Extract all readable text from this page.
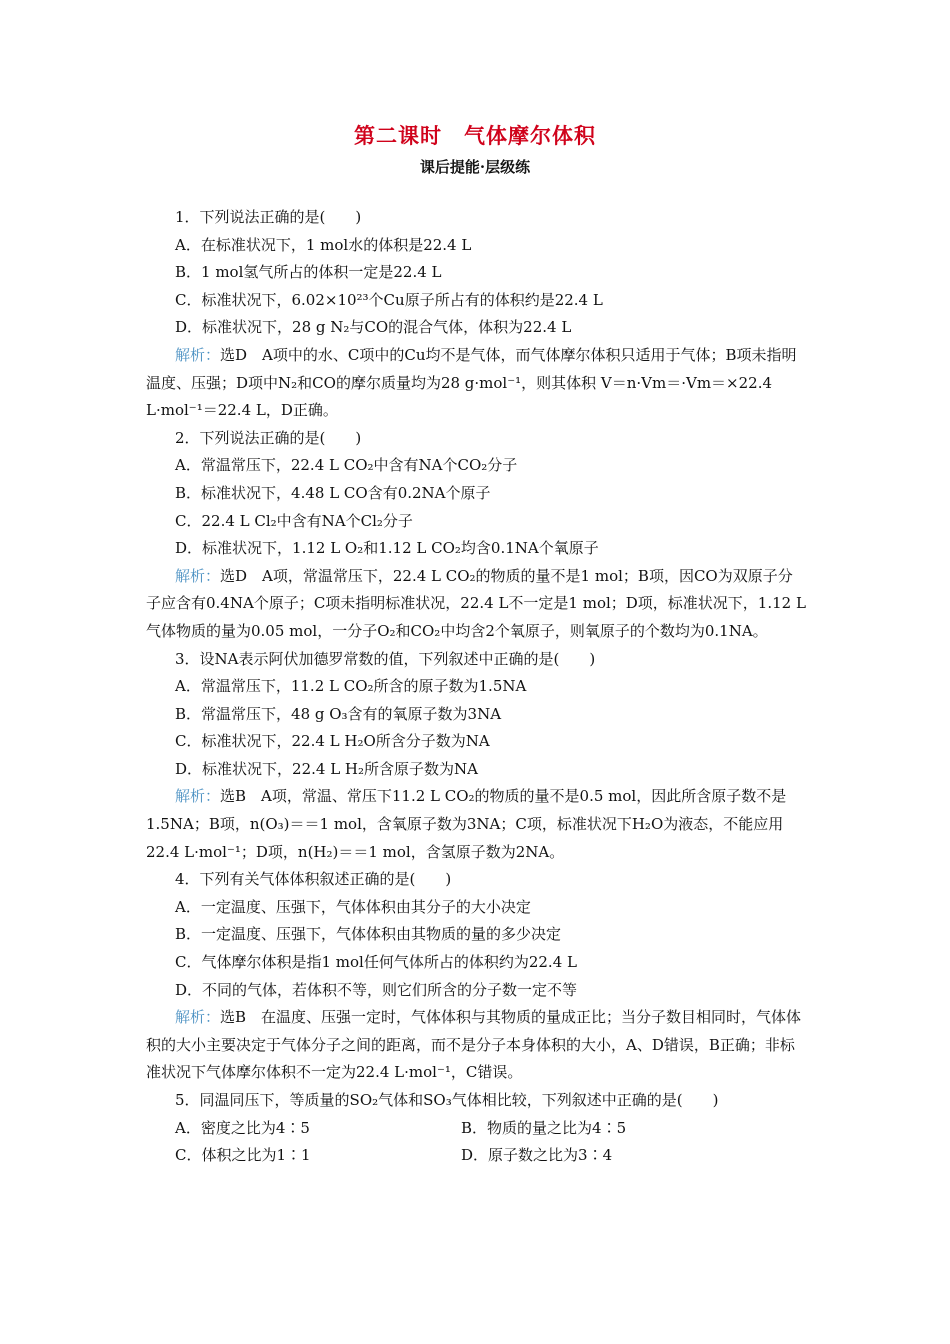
第二课时　气体摩尔体积
课后提能·层级练

1．下列说法正确的是(　　)

A．在标准状况下，1 mol水的体积是22.4 L

B．1 mol氢气所占的体积一定是22.4 L

C．标准状况下，6.02×10²³个Cu原子所占有的体积约是22.4 L

D．标准状况下，28 g N₂与CO的混合气体，体积为22.4 L

解析：选D　A项中的水、C项中的Cu均不是气体，而气体摩尔体积只适用于气体；B项未指明温度、压强；D项中N₂和CO的摩尔质量均为28 g·mol⁻¹，则其体积 V＝n·Vm＝·Vm＝×22.4 L·mol⁻¹＝22.4 L，D正确。

2．下列说法正确的是(　　)

A．常温常压下，22.4 L CO₂中含有NA个CO₂分子

B．标准状况下，4.48 L CO含有0.2NA个原子

C．22.4 L Cl₂中含有NA个Cl₂分子

D．标准状况下，1.12 L O₂和1.12 L CO₂均含0.1NA个氧原子

解析：选D　A项，常温常压下，22.4 L CO₂的物质的量不是1 mol；B项，因CO为双原子分子应含有0.4NA个原子；C项未指明标准状况，22.4 L不一定是1 mol；D项，标准状况下，1.12 L气体物质的量为0.05 mol，一分子O₂和CO₂中均含2个氧原子，则氧原子的个数均为0.1NA。

3．设NA表示阿伏加德罗常数的值，下列叙述中正确的是(　　)

A．常温常压下，11.2 L CO₂所含的原子数为1.5NA

B．常温常压下，48 g O₃含有的氧原子数为3NA

C．标准状况下，22.4 L H₂O所含分子数为NA

D．标准状况下，22.4 L H₂所含原子数为NA

解析：选B　A项，常温、常压下11.2 L CO₂的物质的量不是0.5 mol，因此所含原子数不是1.5NA；B项，n(O₃)＝＝1 mol，含氧原子数为3NA；C项，标准状况下H₂O为液态，不能应用22.4 L·mol⁻¹；D项，n(H₂)＝＝1 mol，含氢原子数为2NA。

4．下列有关气体体积叙述正确的是(　　)

A．一定温度、压强下，气体体积由其分子的大小决定

B．一定温度、压强下，气体体积由其物质的量的多少决定

C．气体摩尔体积是指1 mol任何气体所占的体积约为22.4 L

D．不同的气体，若体积不等，则它们所含的分子数一定不等

解析：选B　在温度、压强一定时，气体体积与其物质的量成正比；当分子数目相同时，气体体积的大小主要决定于气体分子之间的距离，而不是分子本身体积的大小，A、D错误，B正确；非标准状况下气体摩尔体积不一定为22.4 L·mol⁻¹，C错误。

5．同温同压下，等质量的SO₂气体和SO₃气体相比较，下列叙述中正确的是(　　)

A．密度之比为4∶5	B．物质的量之比为4∶5
C．体积之比为1∶1	D．原子数之比为3∶4
